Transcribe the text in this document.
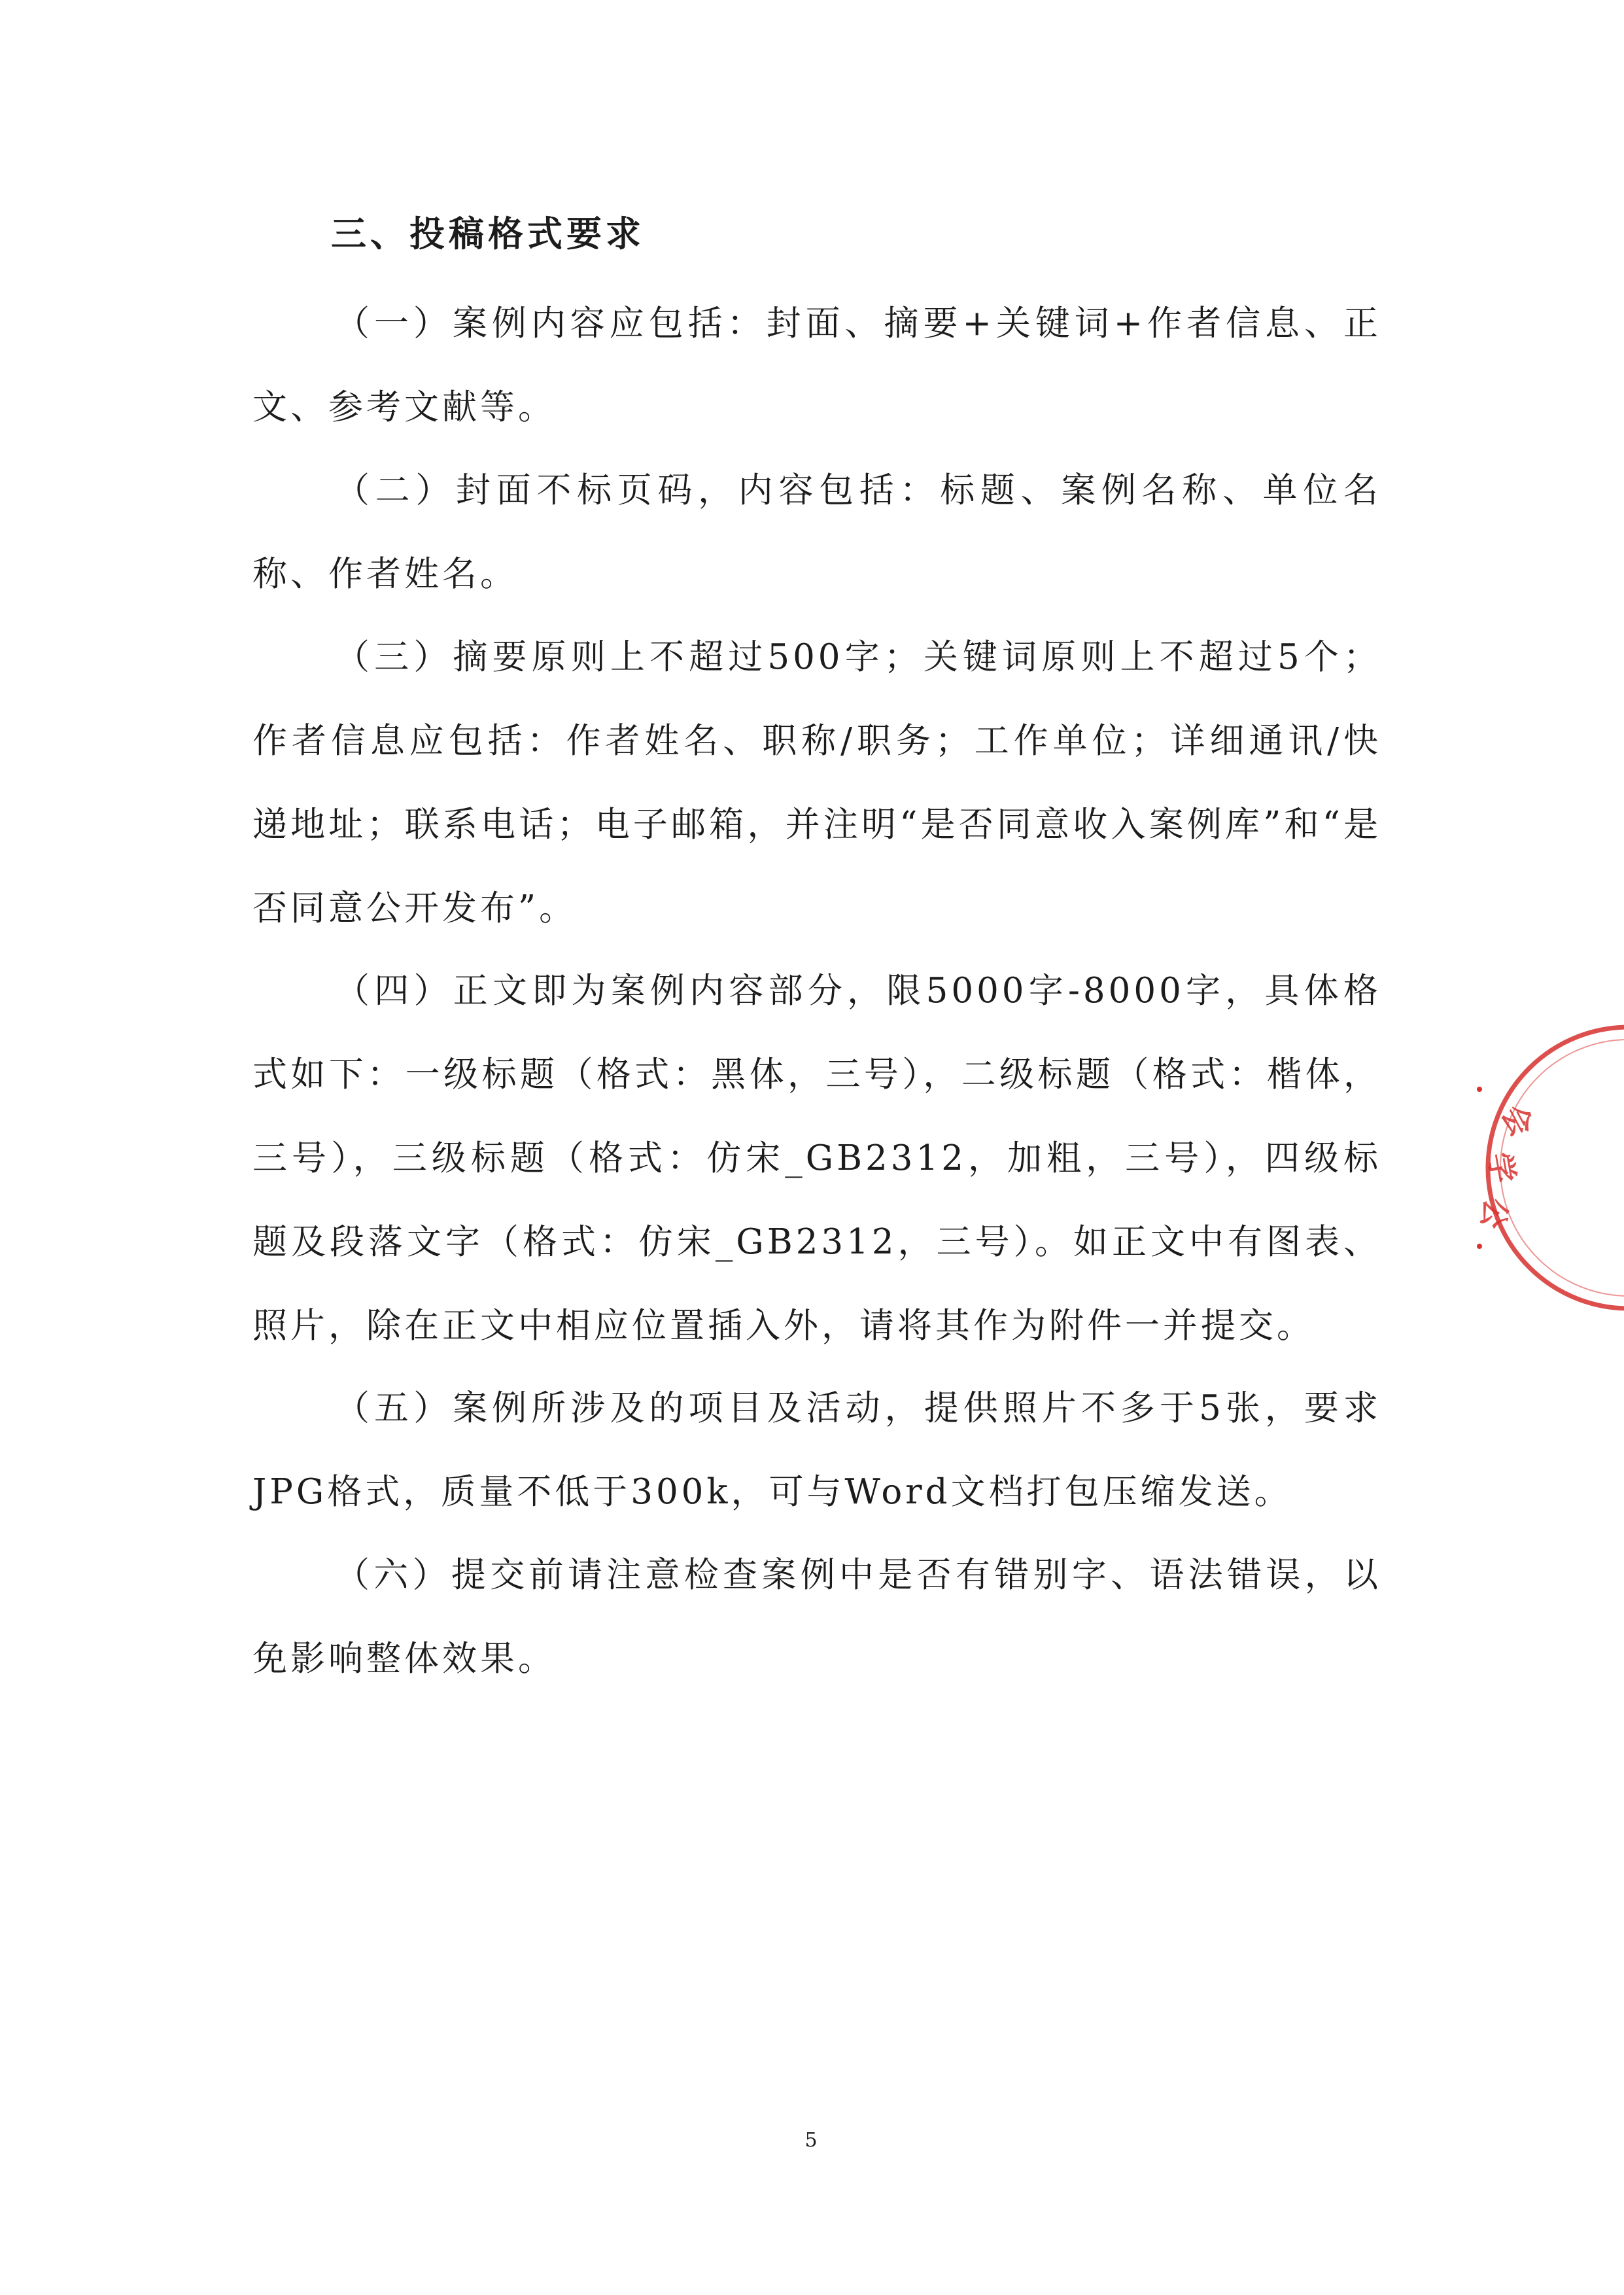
三、投稿格式要求

（一）案例内容应包括：封面、摘要+关键词+作者信息、正文、参考文献等。

（二）封面不标页码，内容包括：标题、案例名称、单位名称、作者姓名。

（三）摘要原则上不超过500字；关键词原则上不超过5个；作者信息应包括：作者姓名、职称/职务；工作单位；详细通讯/快递地址；联系电话；电子邮箱，并注明“是否同意收入案例库”和“是否同意公开发布”。

（四）正文即为案例内容部分，限5000字-8000字，具体格式如下：一级标题（格式：黑体，三号），二级标题（格式：楷体，三号），三级标题（格式：仿宋_GB2312，加粗，三号），四级标题及段落文字（格式：仿宋_GB2312，三号）。如正文中有图表、照片，除在正文中相应位置插入外，请将其作为附件一并提交。

（五）案例所涉及的项目及活动，提供照片不多于5张，要求JPG格式，质量不低于300k，可与Word文档打包压缩发送。

（六）提交前请注意检查案例中是否有错别字、语法错误，以免影响整体效果。

5
会
学
公
